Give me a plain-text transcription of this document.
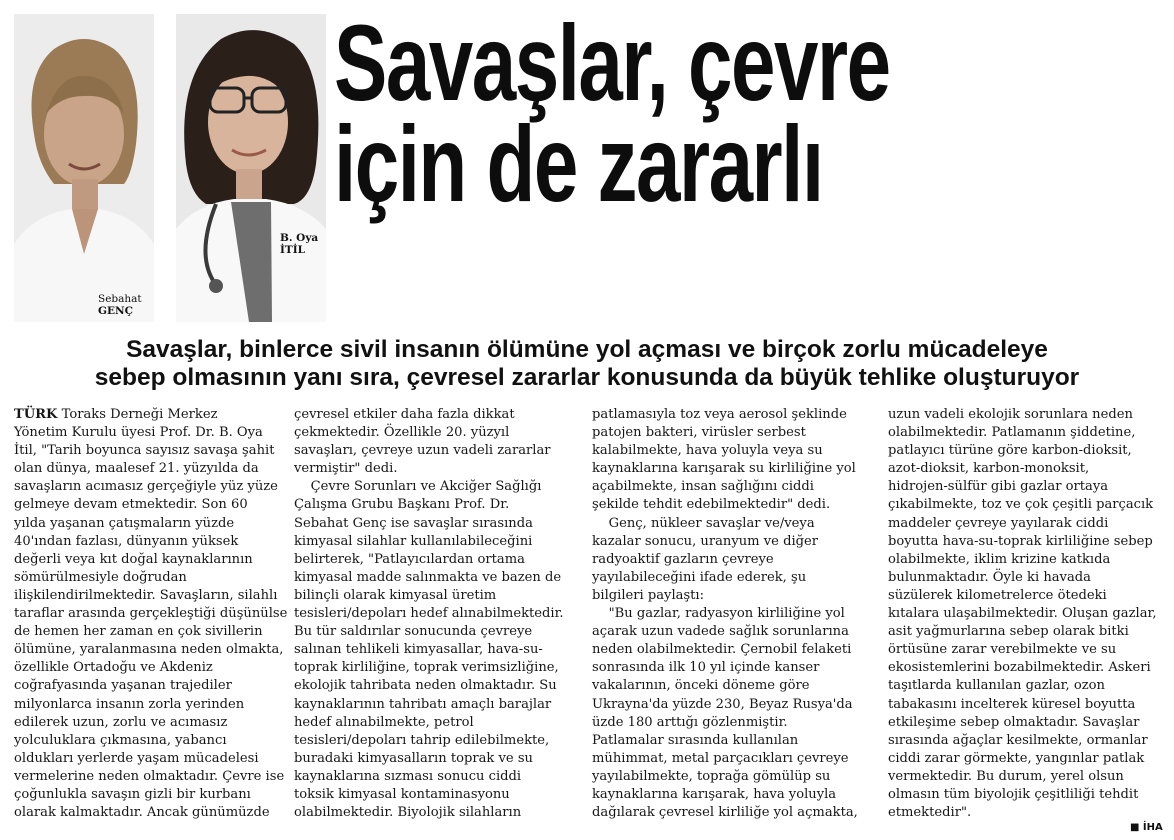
Sebahat
GENÇ
B. Oya
İTİL
Savaşlar, çevre
için de zararlı
Savaşlar, binlerce sivil insanın ölümüne yol açması ve birçok zorlu mücadeleye
sebep olmasının yanı sıra, çevresel zararlar konusunda da büyük tehlike oluşturuyor
TÜRK Toraks Derneği Merkez
Yönetim Kurulu üyesi Prof. Dr. B. Oya
İtil, "Tarih boyunca sayısız savaşa şahit
olan dünya, maalesef 21. yüzyılda da
savaşların acımasız gerçeğiyle yüz yüze
gelmeye devam etmektedir. Son 60
yılda yaşanan çatışmaların yüzde
40'ından fazlası, dünyanın yüksek
değerli veya kıt doğal kaynaklarının
sömürülmesiyle doğrudan
ilişkilendirilmektedir. Savaşların, silahlı
taraflar arasında gerçekleştiği düşünülse
de hemen her zaman en çok sivillerin
ölümüne, yaralanmasına neden olmakta,
özellikle Ortadoğu ve Akdeniz
coğrafyasında yaşanan trajediler
milyonlarca insanın zorla yerinden
edilerek uzun, zorlu ve acımasız
yolculuklara çıkmasına, yabancı
oldukları yerlerde yaşam mücadelesi
vermelerine neden olmaktadır. Çevre ise
çoğunlukla savaşın gizli bir kurbanı
olarak kalmaktadır. Ancak günümüzde
çevresel etkiler daha fazla dikkat
çekmektedir. Özellikle 20. yüzyıl
savaşları, çevreye uzun vadeli zararlar
vermiştir" dedi.
Çevre Sorunları ve Akciğer Sağlığı
Çalışma Grubu Başkanı Prof. Dr.
Sebahat Genç ise savaşlar sırasında
kimyasal silahlar kullanılabileceğini
belirterek, "Patlayıcılardan ortama
kimyasal madde salınmakta ve bazen de
bilinçli olarak kimyasal üretim
tesisleri/depoları hedef alınabilmektedir.
Bu tür saldırılar sonucunda çevreye
salınan tehlikeli kimyasallar, hava-su-
toprak kirliliğine, toprak verimsizliğine,
ekolojik tahribata neden olmaktadır. Su
kaynaklarının tahribatı amaçlı barajlar
hedef alınabilmekte, petrol
tesisleri/depoları tahrip edilebilmekte,
buradaki kimyasalların toprak ve su
kaynaklarına sızması sonucu ciddi
toksik kimyasal kontaminasyonu
olabilmektedir. Biyolojik silahların
patlamasıyla toz veya aerosol şeklinde
patojen bakteri, virüsler serbest
kalabilmekte, hava yoluyla veya su
kaynaklarına karışarak su kirliliğine yol
açabilmekte, insan sağlığını ciddi
şekilde tehdit edebilmektedir" dedi.
Genç, nükleer savaşlar ve/veya
kazalar sonucu, uranyum ve diğer
radyoaktif gazların çevreye
yayılabileceğini ifade ederek, şu
bilgileri paylaştı:
"Bu gazlar, radyasyon kirliliğine yol
açarak uzun vadede sağlık sorunlarına
neden olabilmektedir. Çernobil felaketi
sonrasında ilk 10 yıl içinde kanser
vakalarının, önceki döneme göre
Ukrayna'da yüzde 230, Beyaz Rusya'da
üzde 180 arttığı gözlenmiştir.
Patlamalar sırasında kullanılan
mühimmat, metal parçacıkları çevreye
yayılabilmekte, toprağa gömülüp su
kaynaklarına karışarak, hava yoluyla
dağılarak çevresel kirliliğe yol açmakta,
uzun vadeli ekolojik sorunlara neden
olabilmektedir. Patlamanın şiddetine,
patlayıcı türüne göre karbon-dioksit,
azot-dioksit, karbon-monoksit,
hidrojen-sülfür gibi gazlar ortaya
çıkabilmekte, toz ve çok çeşitli parçacık
maddeler çevreye yayılarak ciddi
boyutta hava-su-toprak kirliliğine sebep
olabilmekte, iklim krizine katkıda
bulunmaktadır. Öyle ki havada
süzülerek kilometrelerce ötedeki
kıtalara ulaşabilmektedir. Oluşan gazlar,
asit yağmurlarına sebep olarak bitki
örtüsüne zarar verebilmekte ve su
ekosistemlerini bozabilmektedir. Askeri
taşıtlarda kullanılan gazlar, ozon
tabakasını incelterek küresel boyutta
etkileşime sebep olmaktadır. Savaşlar
sırasında ağaçlar kesilmekte, ormanlar
ciddi zarar görmekte, yangınlar patlak
vermektedir. Bu durum, yerel olsun
olmasın tüm biyolojik çeşitliliği tehdit
etmektedir".
■ İHA
